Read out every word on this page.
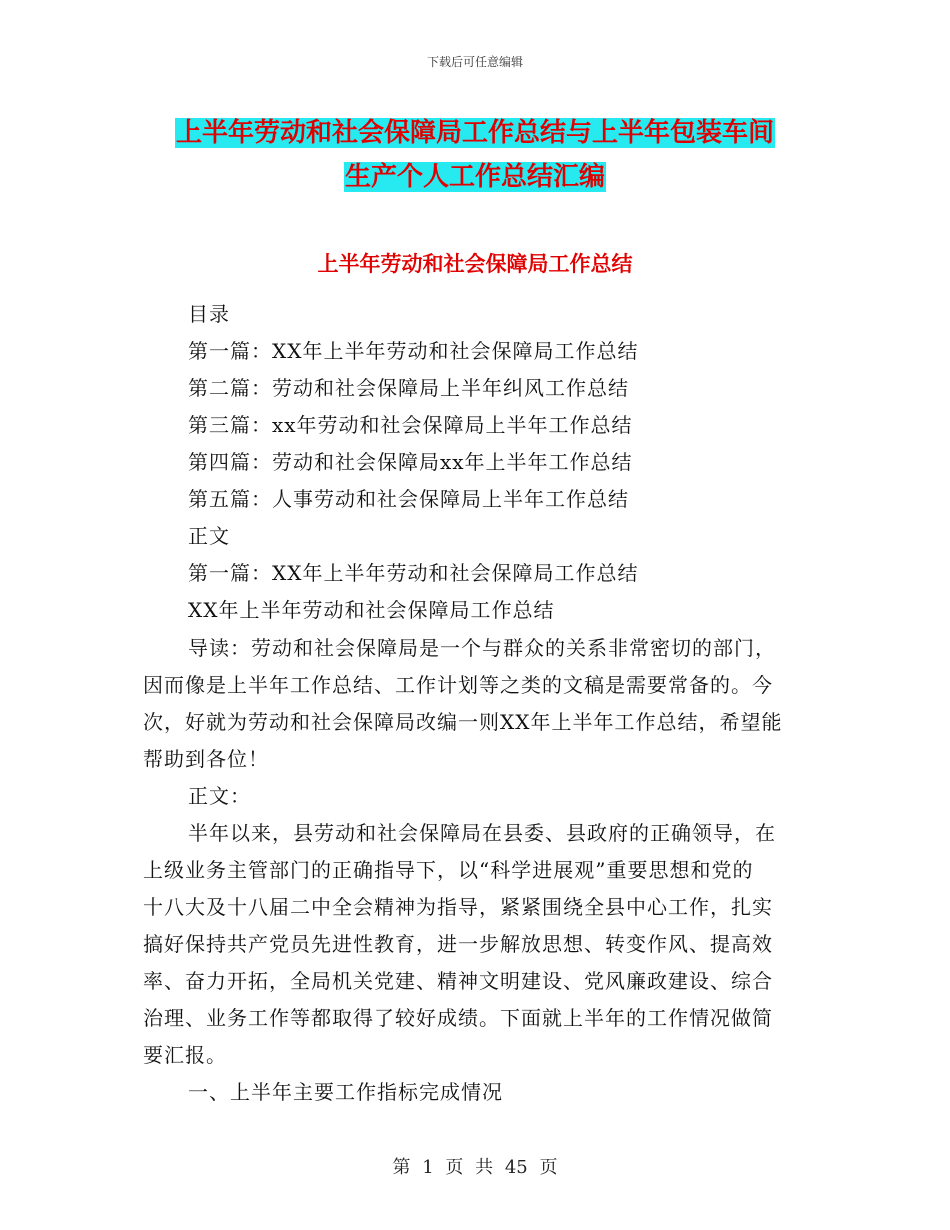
下载后可任意编辑
上半年劳动和社会保障局工作总结与上半年包装车间
生产个人工作总结汇编
上半年劳动和社会保障局工作总结
目录
第一篇：XX年上半年劳动和社会保障局工作总结
第二篇：劳动和社会保障局上半年纠风工作总结
第三篇：xx年劳动和社会保障局上半年工作总结
第四篇：劳动和社会保障局xx年上半年工作总结
第五篇：人事劳动和社会保障局上半年工作总结
正文
第一篇：XX年上半年劳动和社会保障局工作总结
XX年上半年劳动和社会保障局工作总结
导读：劳动和社会保障局是一个与群众的关系非常密切的部门，
因而像是上半年工作总结、工作计划等之类的文稿是需要常备的。今
次，好就为劳动和社会保障局改编一则XX年上半年工作总结，希望能
帮助到各位！
正文：
半年以来，县劳动和社会保障局在县委、县政府的正确领导，在
上级业务主管部门的正确指导下，以“科学进展观”重要思想和党的
十八大及十八届二中全会精神为指导，紧紧围绕全县中心工作，扎实
搞好保持共产党员先进性教育，进一步解放思想、转变作风、提高效
率、奋力开拓，全局机关党建、精神文明建设、党风廉政建设、综合
治理、业务工作等都取得了较好成绩。下面就上半年的工作情况做简
要汇报。
一、上半年主要工作指标完成情况
第 1 页 共 45 页
